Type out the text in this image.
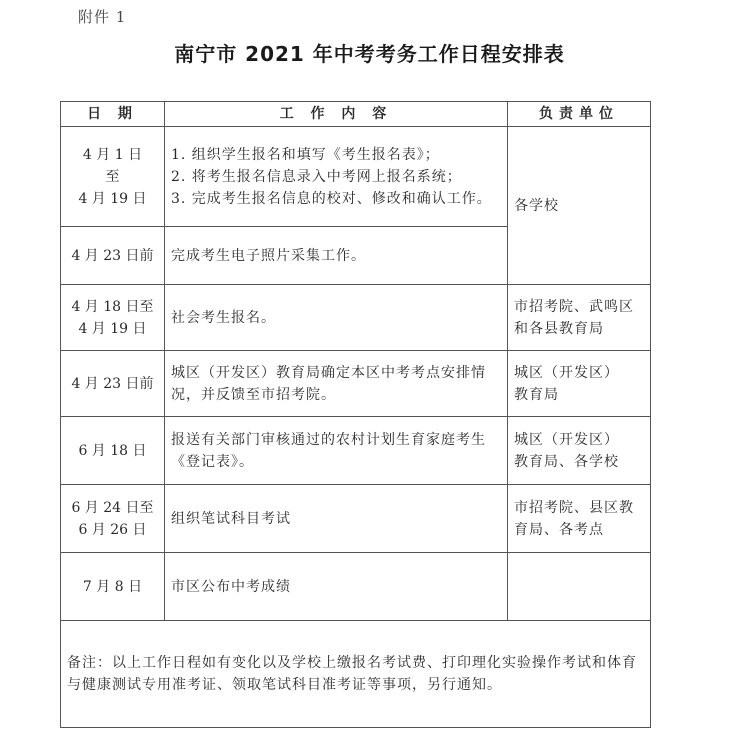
附件 1
南宁市 2021 年中考考务工作日程安排表
日 期	工 作 内 容	负责单位
4 月 1 日
至
4 月 19 日	1. 组织学生报名和填写《考生报名表》；
2. 将考生报名信息录入中考网上报名系统；
3. 完成考生报名信息的校对、修改和确认工作。	各学校
4 月 23 日前	完成考生电子照片采集工作。	
4 月 18 日至
4 月 19 日	社会考生报名。	市招考院、武鸣区和各县教育局
4 月 23 日前	城区（开发区）教育局确定本区中考考点安排情况，并反馈至市招考院。	城区（开发区）
教育局
6 月 18 日	报送有关部门审核通过的农村计划生育家庭考生《登记表》。	城区（开发区）
教育局、各学校
6 月 24 日至
6 月 26 日	组织笔试科目考试	市招考院、县区教育局、各考点
7 月 8 日	市区公布中考成绩	
备注：以上工作日程如有变化以及学校上缴报名考试费、打印理化实验操作考试和体育与健康测试专用准考证、领取笔试科目准考证等事项，另行通知。		
